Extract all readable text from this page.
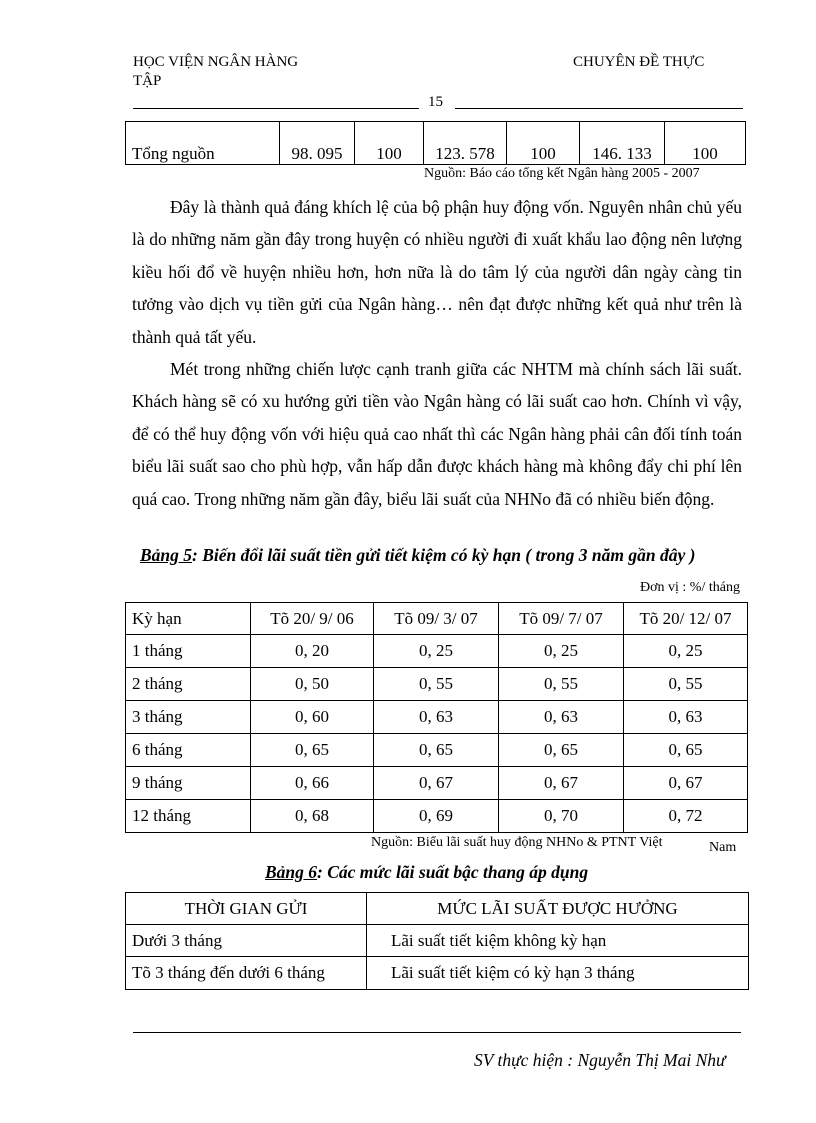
HỌC VIỆN NGÂN HÀNG
TẬP
CHUYÊN ĐỀ THỰC
15
Tổng nguồn	98. 095	100	123. 578	100	146. 133	100
Nguồn: Báo cáo tổng kết Ngân hàng 2005 - 2007

Đây là thành quả đáng khích lệ của bộ phận huy động vốn. Nguyên nhân chủ yếu là do những năm gần đây trong huyện có nhiều người đi xuất khẩu lao động nên lượng kiều hối đổ về huyện nhiều hơn, hơn nữa là do tâm lý của người dân ngày càng tin tưởng vào dịch vụ tiền gửi của Ngân hàng… nên đạt được những kết quả như trên là thành quả tất yếu.

Mét trong những chiến lược cạnh tranh giữa các NHTM mà chính sách lãi suất. Khách hàng sẽ có xu hướng gửi tiền vào Ngân hàng có lãi suất cao hơn. Chính vì vậy, để có thể huy động vốn với hiệu quả cao nhất thì các Ngân hàng phải cân đối tính toán biểu lãi suất sao cho phù hợp, vẫn hấp dẫn được khách hàng mà không đẩy chi phí lên quá cao. Trong những năm gần đây, biểu lãi suất của NHNo đã có nhiều biến động.

Bảng 5: Biến đổi lãi suất tiền gửi tiết kiệm có kỳ hạn ( trong 3 năm gần đây )
Đơn vị : %/ tháng
Kỳ hạn	Tõ 20/ 9/ 06	Tõ 09/ 3/ 07	Tõ 09/ 7/ 07	Tõ 20/ 12/ 07
1 tháng	0, 20	0, 25	0, 25	0, 25
2 tháng	0, 50	0, 55	0, 55	0, 55
3 tháng	0, 60	0, 63	0, 63	0, 63
6 tháng	0, 65	0, 65	0, 65	0, 65
9 tháng	0, 66	0, 67	0, 67	0, 67
12 tháng	0, 68	0, 69	0, 70	0, 72
Nguồn: Biểu lãi suất huy động NHNo & PTNT Việt	Nam
Bảng 6: Các mức lãi suất bậc thang áp dụng
THỜI GIAN GỬI	MỨC LÃI SUẤT ĐƯỢC HƯỞNG
Dưới 3 tháng	Lãi suất tiết kiệm không kỳ hạn
Tõ 3 tháng đến dưới 6 tháng	Lãi suất tiết kiệm có kỳ hạn 3 tháng
SV thực hiện : Nguyễn Thị Mai Như
